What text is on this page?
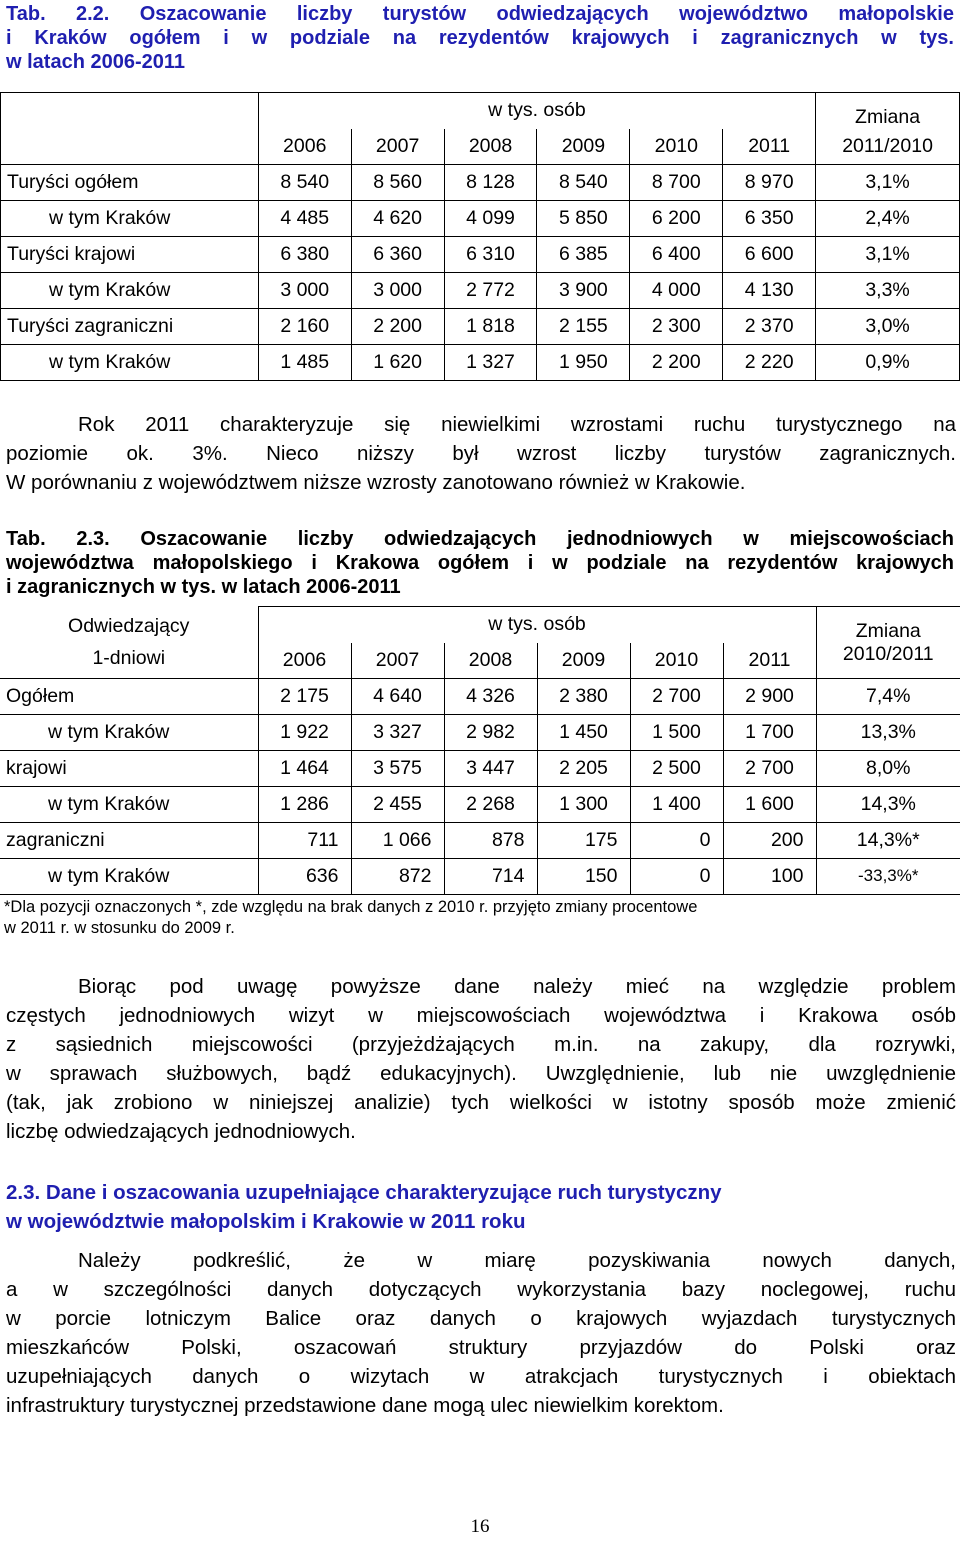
Tab. 2.2. Oszacowanie liczby turystów odwiedzających województwo małopolskie
i Kraków ogółem i w podziale na rezydentów krajowych i zagranicznych w tys.
w latach 2006-2011
	w tys. osób						Zmiana
	2006	2007	2008	2009	2010	2011	2011/2010
Turyści ogółem	8 540	8 560	8 128	8 540	8 700	8 970	3,1%
w tym Kraków	4 485	4 620	4 099	5 850	6 200	6 350	2,4%
Turyści krajowi	6 380	6 360	6 310	6 385	6 400	6 600	3,1%
w tym Kraków	3 000	3 000	2 772	3 900	4 000	4 130	3,3%
Turyści zagraniczni	2 160	2 200	1 818	2 155	2 300	2 370	3,0%
w tym Kraków	1 485	1 620	1 327	1 950	2 200	2 220	0,9%
Rok 2011 charakteryzuje się niewielkimi wzrostami ruchu turystycznego na
poziomie ok. 3%. Nieco niższy był wzrost liczby turystów zagranicznych.
W porównaniu z województwem niższe wzrosty zanotowano również w Krakowie.
Tab. 2.3. Oszacowanie liczby odwiedzających jednodniowych w miejscowościach
województwa małopolskiego i Krakowa ogółem i w podziale na rezydentów krajowych
i zagranicznych w tys. w latach 2006-2011
Odwiedzający
1-dniowi	w tys. osób						Zmiana
	2006	2007	2008	2009	2010	2011	2010/2011
Ogółem	2 175	4 640	4 326	2 380	2 700	2 900	7,4%
w tym Kraków	1 922	3 327	2 982	1 450	1 500	1 700	13,3%
krajowi	1 464	3 575	3 447	2 205	2 500	2 700	8,0%
w tym Kraków	1 286	2 455	2 268	1 300	1 400	1 600	14,3%
zagraniczni	711	1 066	878	175	0	200	14,3%*
w tym Kraków	636	872	714	150	0	100	-33,3%*
*Dla pozycji oznaczonych *, zde względu na brak danych z 2010 r. przyjęto zmiany procentowe
w 2011 r. w stosunku do 2009 r.
Biorąc pod uwagę powyższe dane należy mieć na względzie problem
częstych jednodniowych wizyt w miejscowościach województwa i Krakowa osób
z sąsiednich miejscowości (przyjeżdżających m.in. na zakupy, dla rozrywki,
w sprawach służbowych, bądź edukacyjnych). Uwzględnienie, lub nie uwzględnienie
(tak, jak zrobiono w niniejszej analizie) tych wielkości w istotny sposób może zmienić
liczbę odwiedzających jednodniowych.
2.3. Dane i oszacowania uzupełniające charakteryzujące ruch turystyczny
w województwie małopolskim i Krakowie w 2011 roku
Należy podkreślić, że w miarę pozyskiwania nowych danych,
a w szczególności danych dotyczących wykorzystania bazy noclegowej, ruchu
w porcie lotniczym Balice oraz danych o krajowych wyjazdach turystycznych
mieszkańców Polski, oszacowań struktury przyjazdów do Polski oraz
uzupełniających danych o wizytach w atrakcjach turystycznych i obiektach
infrastruktury turystycznej przedstawione dane mogą ulec niewielkim korektom.
16
